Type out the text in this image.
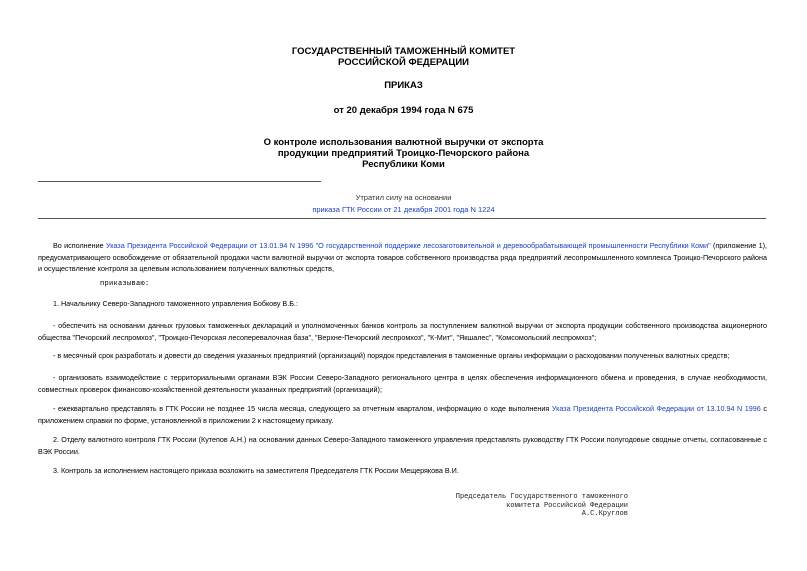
ГОСУДАРСТВЕННЫЙ ТАМОЖЕННЫЙ КОМИТЕТ
РОССИЙСКОЙ ФЕДЕРАЦИИ
ПРИКАЗ
от 20 декабря 1994 года N 675
О контроле использования валютной выручки от экспорта
продукции предприятий Троицко-Печорского района
Республики Коми
Утратил силу на основании
приказа ГТК России от 21 декабря 2001 года N 1224
Во исполнение Указа Президента Российской Федерации от 13.01.94 N 1996 "О государственной поддержке лесозаготовительной и деревообрабатывающей промышленности Республики Коми" (приложение 1), предусматривающего освобождение от обязательной продажи части валютной выручки от экспорта товаров собственного производства ряда предприятий лесопромышленного комплекса Троицко-Печорского района и осуществление контроля за целевым использованием полученных валютных средств,
приказываю:
1. Начальнику Северо-Западного таможенного управления Бобкову В.Б.:
- обеспечить на основании данных грузовых таможенных деклараций и уполномоченных банков контроль за поступлением валютной выручки от экспорта продукции собственного производства акционерного общества "Печорский леспромхоз", "Троицко-Печорская лесоперевалочная база", "Верхне-Печорский леспромхоз", "К-Мит", "Якшалес", "Комсомольский леспромхоз";
- в месячный срок разработать и довести до сведения указанных предприятий (организаций) порядок представления в таможенные органы информации о расходовании полученных валютных средств;
- организовать взаимодействие с территориальными органами ВЭК России Северо-Западного регионального центра в целях обеспечения информационного обмена и проведения, в случае необходимости, совместных проверок финансово-хозяйственной деятельности указанных предприятий (организаций);
- ежеквартально представлять в ГТК России не позднее 15 числа месяца, следующего за отчетным кварталом, информацию о ходе выполнения Указа Президента Российской Федерации от 13.10.94 N 1996 с приложением справки по форме, установленной в приложении 2 к настоящему приказу.
2. Отделу валютного контроля ГТК России (Кутепов А.Н.) на основании данных Северо-Западного таможенного управления представлять руководству ГТК России полугодовые сводные отчеты, согласованные с ВЭК России.
3. Контроль за исполнением настоящего приказа возложить на заместителя Председателя ГТК России Мещерякова В.И.
Председатель Государственного таможенного
комитета Российской Федерации
А.С.Круглов
